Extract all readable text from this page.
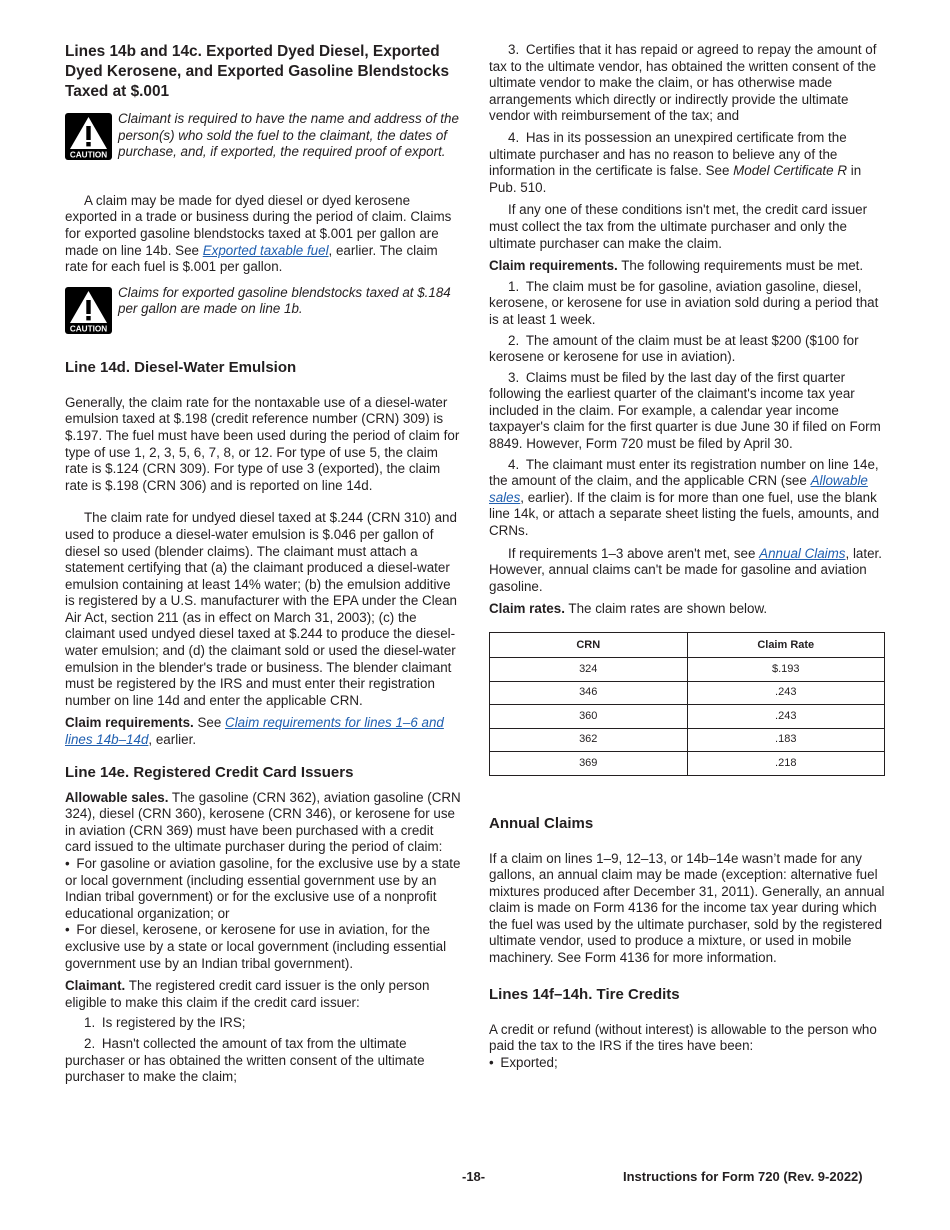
Lines 14b and 14c. Exported Dyed Diesel, Exported Dyed Kerosene, and Exported Gasoline Blendstocks Taxed at $.001
CAUTION

Claimant is required to have the name and address of the person(s) who sold the fuel to the claimant, the dates of purchase, and, if exported, the required proof of export.

A claim may be made for dyed diesel or dyed kerosene exported in a trade or business during the period of claim. Claims for exported gasoline blendstocks taxed at $.001 per gallon are made on line 14b. See Exported taxable fuel, earlier. The claim rate for each fuel is $.001 per gallon.

CAUTION

Claims for exported gasoline blendstocks taxed at $.184 per gallon are made on line 1b.

Line 14d. Diesel-Water Emulsion

Generally, the claim rate for the nontaxable use of a diesel-water emulsion taxed at $.198 (credit reference number (CRN) 309) is $.197. The fuel must have been used during the period of claim for type of use 1, 2, 3, 5, 6, 7, 8, or 12. For type of use 5, the claim rate is $.124 (CRN 309). For type of use 3 (exported), the claim rate is $.198 (CRN 306) and is reported on line 14d.

The claim rate for undyed diesel taxed at $.244 (CRN 310) and used to produce a diesel-water emulsion is $.046 per gallon of diesel so used (blender claims). The claimant must attach a statement certifying that (a) the claimant produced a diesel-water emulsion containing at least 14% water; (b) the emulsion additive is registered by a U.S. manufacturer with the EPA under the Clean Air Act, section 211 (as in effect on March 31, 2003); (c) the claimant used undyed diesel taxed at $.244 to produce the diesel-water emulsion; and (d) the claimant sold or used the diesel-water emulsion in the blender's trade or business. The blender claimant must be registered by the IRS and must enter their registration number on line 14d and enter the applicable CRN.

Claim requirements. See Claim requirements for lines 1–6 and lines 14b–14d, earlier.

Line 14e. Registered Credit Card Issuers

Allowable sales. The gasoline (CRN 362), aviation gasoline (CRN 324), diesel (CRN 360), kerosene (CRN 346), or kerosene for use in aviation (CRN 369) must have been purchased with a credit card issued to the ultimate purchaser during the period of claim:

• For gasoline or aviation gasoline, for the exclusive use by a state or local government (including essential government use by an Indian tribal government) or for the exclusive use of a nonprofit educational organization; or

• For diesel, kerosene, or kerosene for use in aviation, for the exclusive use by a state or local government (including essential government use by an Indian tribal government).

Claimant. The registered credit card issuer is the only person eligible to make this claim if the credit card issuer:

1. Is registered by the IRS;

2. Hasn't collected the amount of tax from the ultimate purchaser or has obtained the written consent of the ultimate purchaser to make the claim;

3. Certifies that it has repaid or agreed to repay the amount of tax to the ultimate vendor, has obtained the written consent of the ultimate vendor to make the claim, or has otherwise made arrangements which directly or indirectly provide the ultimate vendor with reimbursement of the tax; and

4. Has in its possession an unexpired certificate from the ultimate purchaser and has no reason to believe any of the information in the certificate is false. See Model Certificate R in Pub. 510.

If any one of these conditions isn't met, the credit card issuer must collect the tax from the ultimate purchaser and only the ultimate purchaser can make the claim.

Claim requirements. The following requirements must be met.

1. The claim must be for gasoline, aviation gasoline, diesel, kerosene, or kerosene for use in aviation sold during a period that is at least 1 week.

2. The amount of the claim must be at least $200 ($100 for kerosene or kerosene for use in aviation).

3. Claims must be filed by the last day of the first quarter following the earliest quarter of the claimant's income tax year included in the claim. For example, a calendar year income taxpayer's claim for the first quarter is due June 30 if filed on Form 8849. However, Form 720 must be filed by April 30.

4. The claimant must enter its registration number on line 14e, the amount of the claim, and the applicable CRN (see Allowable sales, earlier). If the claim is for more than one fuel, use the blank line 14k, or attach a separate sheet listing the fuels, amounts, and CRNs.

If requirements 1–3 above aren't met, see Annual Claims, later. However, annual claims can't be made for gasoline and aviation gasoline.

Claim rates. The claim rates are shown below.

CRN	Claim Rate
324	$.193
346	.243
360	.243
362	.183
369	.218
Annual Claims

If a claim on lines 1–9, 12–13, or 14b–14e wasn’t made for any gallons, an annual claim may be made (exception: alternative fuel mixtures produced after December 31, 2011). Generally, an annual claim is made on Form 4136 for the income tax year during which the fuel was used by the ultimate purchaser, sold by the registered ultimate vendor, used to produce a mixture, or used in mobile machinery. See Form 4136 for more information.

Lines 14f–14h. Tire Credits

A credit or refund (without interest) is allowable to the person who paid the tax to the IRS if the tires have been:

• Exported;

-18-	Instructions for Form 720 (Rev. 9-2022)
